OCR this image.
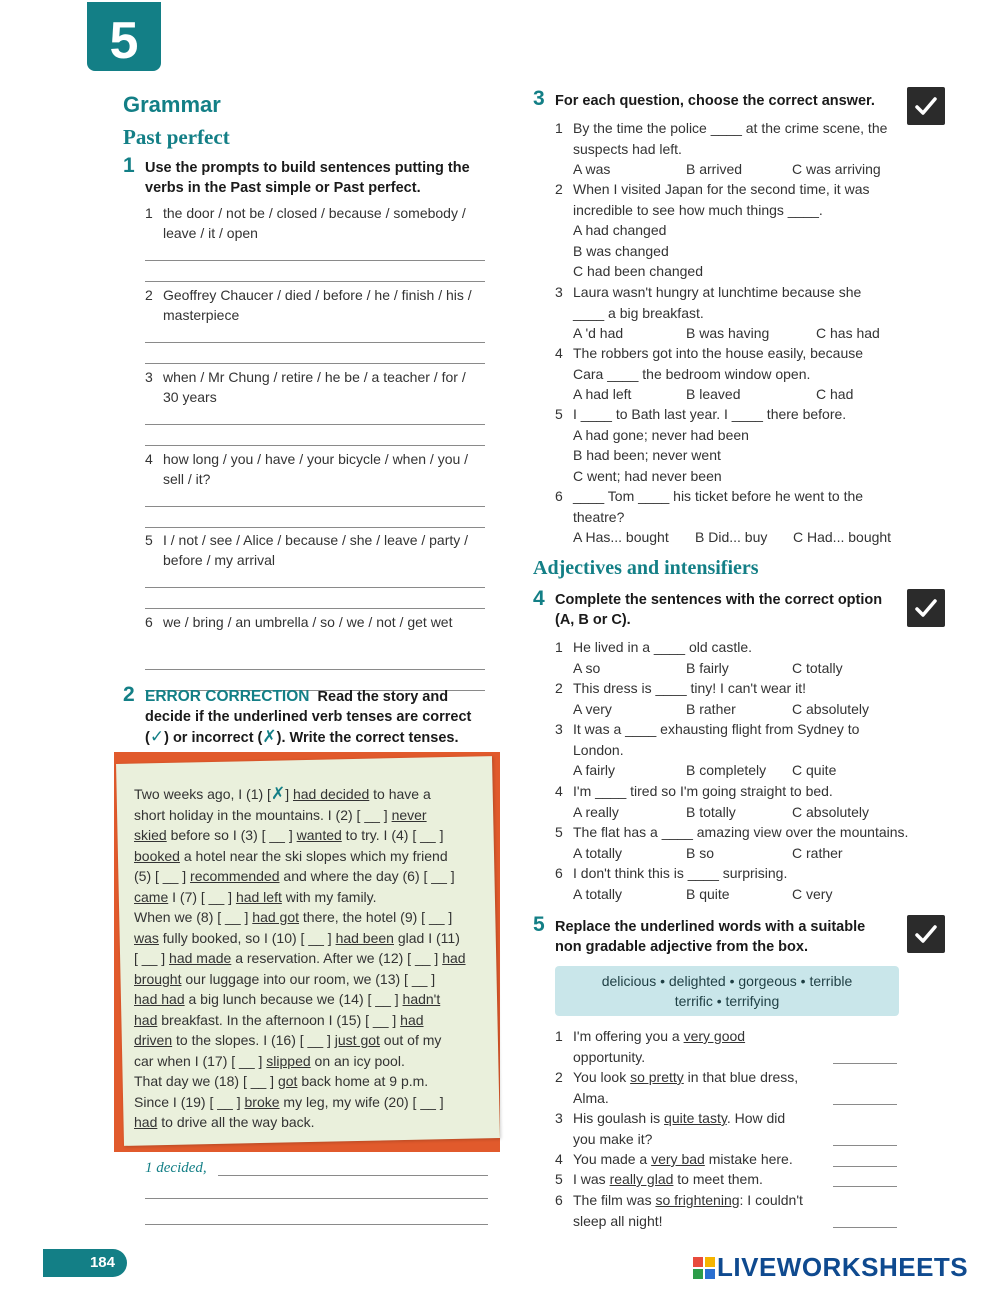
5
Grammar
Past perfect
1 Use the prompts to build sentences putting the
verbs in the Past simple or Past perfect.
1 the door / not be / closed / because / somebody /
leave / it / open
2 Geoffrey Chaucer / died / before / he / finish / his /
masterpiece
3 when / Mr Chung / retire / he be / a teacher / for /
30 years
4 how long / you / have / your bicycle / when / you /
sell / it?
5 I / not / see / Alice / because / she / leave / party /
before / my arrival
6 we / bring / an umbrella / so / we / not / get wet
2 ERROR CORRECTION Read the story and
decide if the underlined verb tenses are correct
(✓) or incorrect (✗). Write the correct tenses.
Two weeks ago, I (1) [✗] had decided to have a
short holiday in the mountains. I (2) [ __ ] never
skied before so I (3) [ __ ] wanted to try. I (4) [ __ ]
booked a hotel near the ski slopes which my friend
(5) [ __ ] recommended and where the day (6) [ __ ]
came I (7) [ __ ] had left with my family.
When we (8) [ __ ] had got there, the hotel (9) [ __ ]
was fully booked, so I (10) [ __ ] had been glad I (11)
[ __ ] had made a reservation. After we (12) [ __ ] had
brought our luggage into our room, we (13) [ __ ]
had had a big lunch because we (14) [ __ ] hadn't
had breakfast. In the afternoon I (15) [ __ ] had
driven to the slopes. I (16) [ __ ] just got out of my
car when I (17) [ __ ] slipped on an icy pool.
That day we (18) [ __ ] got back home at 9 p.m.
Since I (19) [ __ ] broke my leg, my wife (20) [ __ ]
had to drive all the way back.
1 decided,
3 For each question, choose the correct answer.
1 By the time the police ____ at the crime scene, the
suspects had left.
A was	B arrived	C was arriving
2 When I visited Japan for the second time, it was
incredible to see how much things ____.
A had changed
B was changed
C had been changed
3 Laura wasn't hungry at lunchtime because she
____ a big breakfast.
A 'd had	B was having	C has had
4 The robbers got into the house easily, because
Cara ____ the bedroom window open.
A had left	B leaved	C had
5 I ____ to Bath last year. I ____ there before.
A had gone; never had been
B had been; never went
C went; had never been
6 ____ Tom ____ his ticket before he went to the
theatre?
A Has... bought B Did... buy C Had... bought
Adjectives and intensifiers
4 Complete the sentences with the correct option
(A, B or C).
1 He lived in a ____ old castle.
A so	B fairly	C totally
2 This dress is ____ tiny! I can't wear it!
A very	B rather	C absolutely
3 It was a ____ exhausting flight from Sydney to
London.
A fairly	B completely C quite
4 I'm ____ tired so I'm going straight to bed.
A really	B totally	C absolutely
5 The flat has a ____ amazing view over the mountains.
A totally	B so	C rather
6 I don't think this is ____ surprising.
A totally	B quite	C very
5 Replace the underlined words with a suitable
non gradable adjective from the box.
delicious • delighted • gorgeous • terrible
terrific • terrifying
1 I'm offering you a very good
opportunity.
2 You look so pretty in that blue dress,
Alma.
3 His goulash is quite tasty. How did
you make it?
4 You made a very bad mistake here.
5 I was really glad to meet them.
6 The film was so frightening: I couldn't
sleep all night!
184	LIVEWORKSHEETS
